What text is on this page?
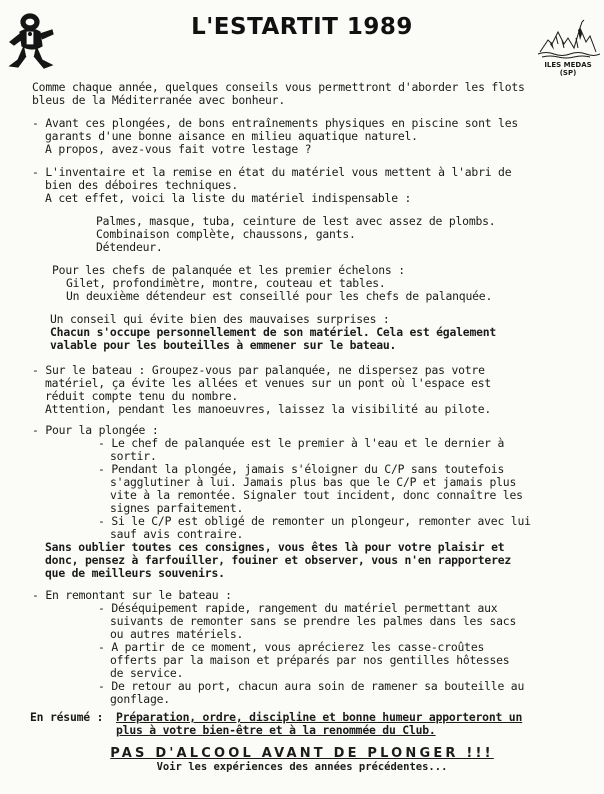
L'ESTARTIT 1989
ILES MEDAS (SP)
Comme chaque année, quelques conseils vous permettront d'aborder les flots
bleus de la Méditerranée avec bonheur.
- Avant ces plongées, de bons entraînements physiques en piscine sont les
garants d'une bonne aisance en milieu aquatique naturel.
A propos, avez-vous fait votre lestage ?
- L'inventaire et la remise en état du matériel vous mettent à l'abri de
bien des déboires techniques.
A cet effet, voici la liste du matériel indispensable :
Palmes, masque, tuba, ceinture de lest avec assez de plombs.
Combinaison complète, chaussons, gants.
Détendeur.
Pour les chefs de palanquée et les premier échelons :
Gilet, profondimètre, montre, couteau et tables.
Un deuxième détendeur est conseillé pour les chefs de palanquée.
Un conseil qui évite bien des mauvaises surprises :
Chacun s'occupe personnellement de son matériel. Cela est également
valable pour les bouteilles à emmener sur le bateau.
- Sur le bateau : Groupez-vous par palanquée, ne dispersez pas votre
matériel, ça évite les allées et venues sur un pont où l'espace est
réduit compte tenu du nombre.
Attention, pendant les manoeuvres, laissez la visibilité au pilote.
- Pour la plongée :
- Le chef de palanquée est le premier à l'eau et le dernier à
sortir.
- Pendant la plongée, jamais s'éloigner du C/P sans toutefois
s'agglutiner à lui. Jamais plus bas que le C/P et jamais plus
vite à la remontée. Signaler tout incident, donc connaître les
signes parfaitement.
- Si le C/P est obligé de remonter un plongeur, remonter avec lui
sauf avis contraire.
Sans oublier toutes ces consignes, vous êtes là pour votre plaisir et
donc, pensez à farfouiller, fouiner et observer, vous n'en rapporterez
que de meilleurs souvenirs.
- En remontant sur le bateau :
- Déséquipement rapide, rangement du matériel permettant aux
suivants de remonter sans se prendre les palmes dans les sacs
ou autres matériels.
- A partir de ce moment, vous aprécierez les casse-croûtes
offerts par la maison et préparés par nos gentilles hôtesses
de service.
- De retour au port, chacun aura soin de ramener sa bouteille au
gonflage.
En résumé : Préparation, ordre, discipline et bonne humeur apporteront un
plus à votre bien-être et à la renommée du Club.
PAS D'ALCOOL AVANT DE PLONGER !!!
Voir les expériences des années précédentes...
